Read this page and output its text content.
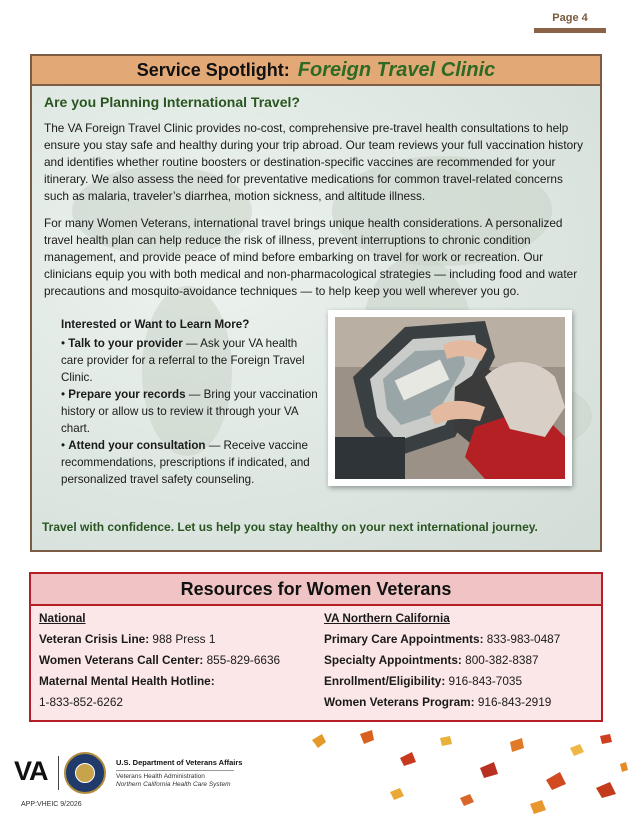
Page 4
Service Spotlight: Foreign Travel Clinic
Are you Planning International Travel?

The VA Foreign Travel Clinic provides no-cost, comprehensive pre-travel health consultations to help ensure you stay safe and healthy during your trip abroad. Our team reviews your full vaccination history and identifies whether routine boosters or destination-specific vaccines are recommended for your itinerary. We also assess the need for preventative medications for common travel-related concerns such as malaria, traveler’s diarrhea, motion sickness, and altitude illness.

For many Women Veterans, international travel brings unique health considerations. A personalized travel health plan can help reduce the risk of illness, prevent interruptions to chronic condition management, and provide peace of mind before embarking on travel for work or recreation. Our clinicians equip you with both medical and non-pharmacological strategies — including food and water precautions and mosquito-avoidance techniques — to help keep you well wherever you go.

Interested or Want to Learn More?
• Talk to your provider — Ask your VA health care provider for a referral to the Foreign Travel Clinic.
• Prepare your records — Bring your vaccination history or allow us to review it through your VA chart.
• Attend your consultation — Receive vaccine recommendations, prescriptions if indicated, and personalized travel safety counseling.
Travel with confidence. Let us help you stay healthy on your next international journey.
Resources for Women Veterans
National
Veteran Crisis Line: 988 Press 1
Women Veterans Call Center: 855-829-6636
Maternal Mental Health Hotline:
1-833-852-6262
VA Northern California
Primary Care Appointments: 833-983-0487
Specialty Appointments: 800-382-8387
Enrollment/Eligibility: 916-843-7035
Women Veterans Program: 916-843-2919
VA	U.S. Department of Veterans Affairs
Veterans Health Administration
Northern California Health Care System
APP:VHEIC 9/2026
